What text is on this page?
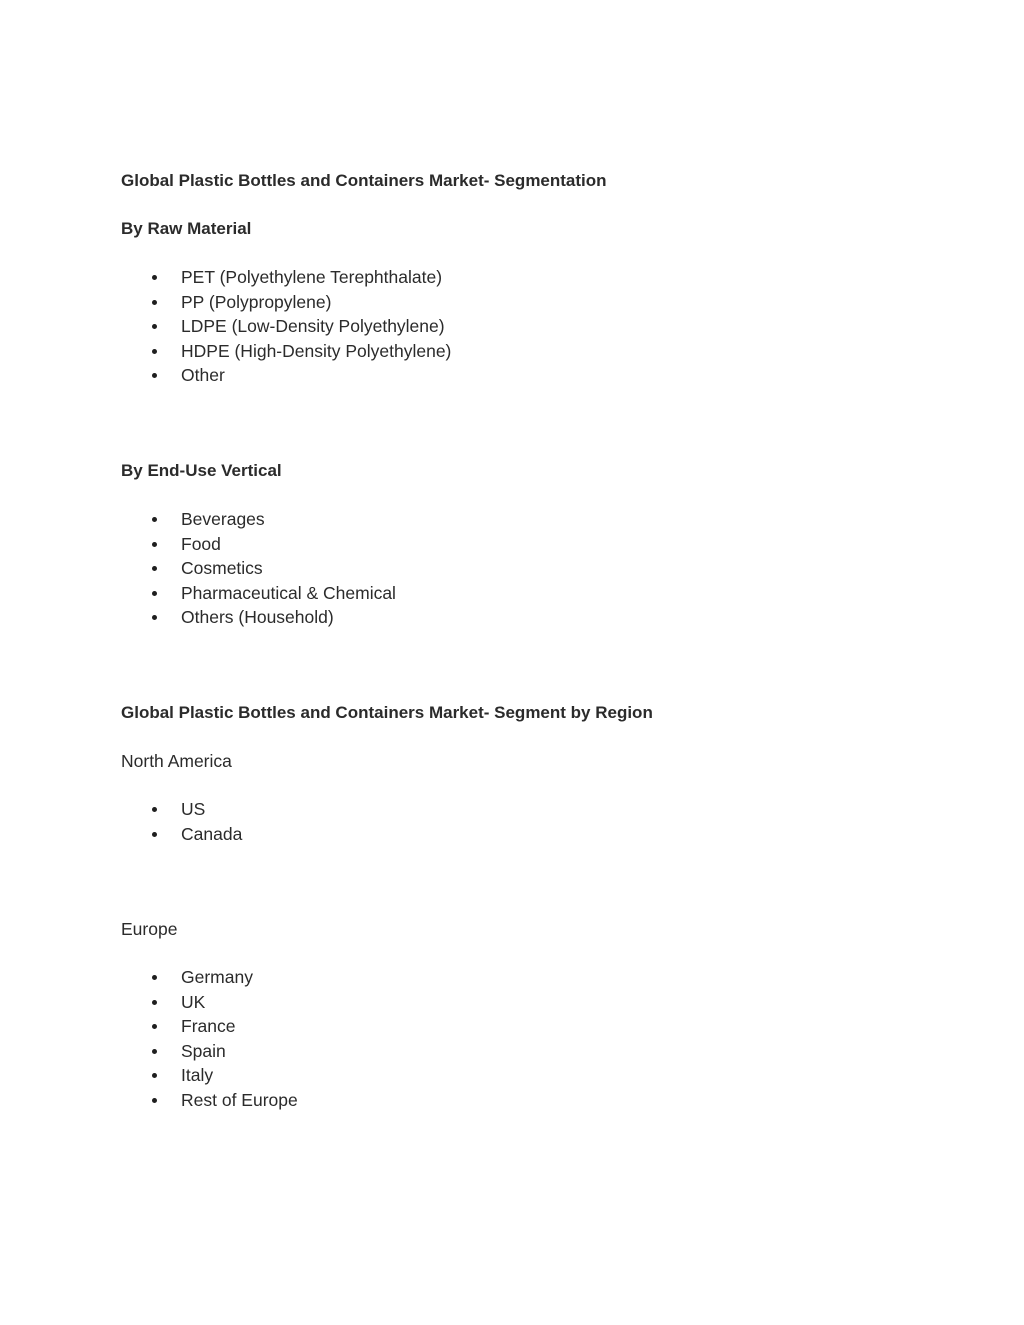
Global Plastic Bottles and Containers Market- Segmentation
By Raw Material
PET (Polyethylene Terephthalate)
PP (Polypropylene)
LDPE (Low-Density Polyethylene)
HDPE (High-Density Polyethylene)
Other
By End-Use Vertical
Beverages
Food
Cosmetics
Pharmaceutical & Chemical
Others (Household)
Global Plastic Bottles and Containers Market- Segment by Region

North America

US
Canada

Europe

Germany
UK
France
Spain
Italy
Rest of Europe
